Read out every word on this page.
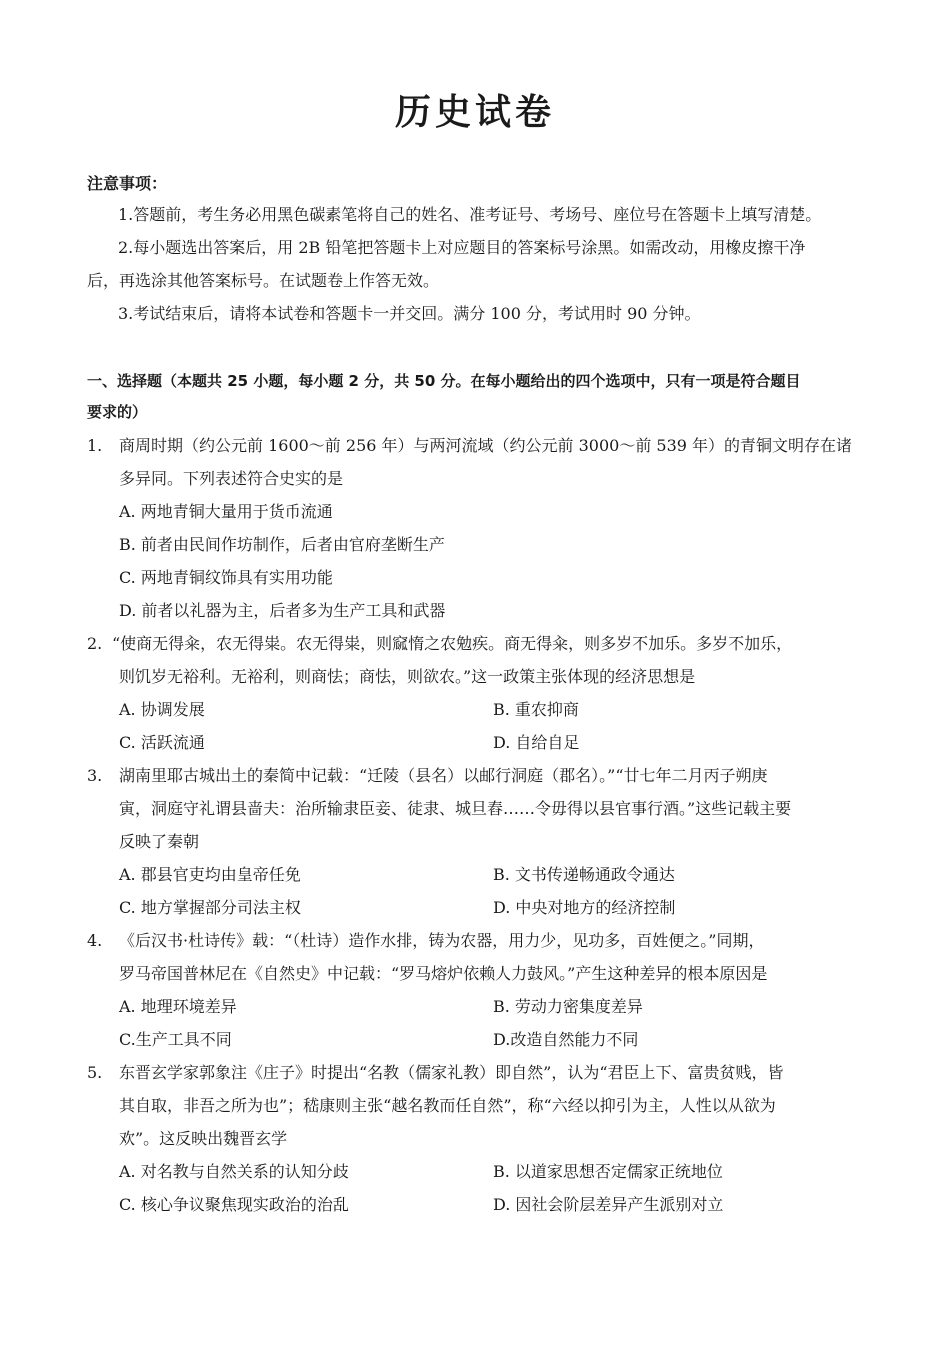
历史试卷
注意事项：
1.答题前，考生务必用黑色碳素笔将自己的姓名、准考证号、考场号、座位号在答题卡上填写清楚。
2.每小题选出答案后，用 2B 铅笔把答题卡上对应题目的答案标号涂黑。如需改动，用橡皮擦干净
后，再选涂其他答案标号。在试题卷上作答无效。
3.考试结束后，请将本试卷和答题卡一并交回。满分 100 分，考试用时 90 分钟。
一、选择题（本题共 25 小题，每小题 2 分，共 50 分。在每小题给出的四个选项中，只有一项是符合题目
要求的）
1. 商周时期（约公元前 1600～前 256 年）与两河流域（约公元前 3000～前 539 年）的青铜文明存在诸
多异同。下列表述符合史实的是
A. 两地青铜大量用于货币流通
B. 前者由民间作坊制作，后者由官府垄断生产
C. 两地青铜纹饰具有实用功能
D. 前者以礼器为主，后者多为生产工具和武器
2. “使商无得籴，农无得粜。农无得粜，则窳惰之农勉疾。商无得籴，则多岁不加乐。多岁不加乐，
则饥岁无裕利。无裕利，则商怯；商怯，则欲农。”这一政策主张体现的经济思想是
A. 协调发展	B. 重农抑商
C. 活跃流通	D. 自给自足
3. 湖南里耶古城出土的秦简中记载：“迁陵（县名）以邮行洞庭（郡名）。”“廿七年二月丙子朔庚
寅，洞庭守礼谓县啬夫：治所输隶臣妾、徒隶、城旦舂……令毋得以县官事行酒。”这些记载主要
反映了秦朝
A. 郡县官吏均由皇帝任免	B. 文书传递畅通政令通达
C. 地方掌握部分司法主权	D. 中央对地方的经济控制
4. 《后汉书·杜诗传》载：“（杜诗）造作水排，铸为农器，用力少，见功多，百姓便之。”同期，
罗马帝国普林尼在《自然史》中记载：“罗马熔炉依赖人力鼓风。”产生这种差异的根本原因是
A. 地理环境差异	B. 劳动力密集度差异
C.生产工具不同	D.改造自然能力不同
5. 东晋玄学家郭象注《庄子》时提出“名教（儒家礼教）即自然”，认为“君臣上下、富贵贫贱，皆
其自取，非吾之所为也”；嵇康则主张“越名教而任自然”，称“六经以抑引为主，人性以从欲为
欢”。这反映出魏晋玄学
A. 对名教与自然关系的认知分歧	B. 以道家思想否定儒家正统地位
C. 核心争议聚焦现实政治的治乱	D. 因社会阶层差异产生派别对立
